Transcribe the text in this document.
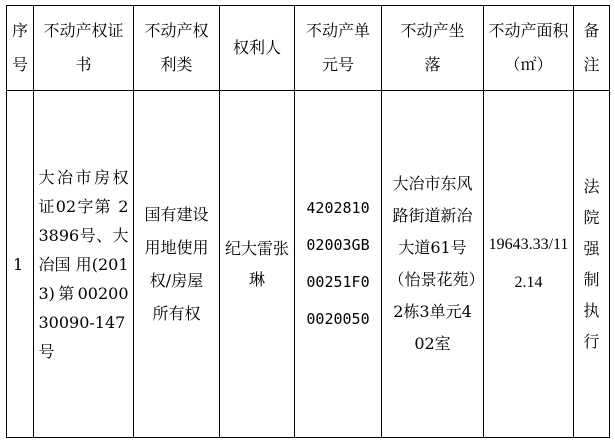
序号	不动产权证书	不动产权利类	权利人	不动产单元号	不动产坐落	不动产面积（㎡）	备注

1	大冶市房权证02字第 23896号、大冶国 用(2013)第0020030090-147号	国有建设用地使用权/房屋所有权	纪大雷张 琳	420281002003GB00251F00020050	大冶市东风路街道新冶大道61号（怡景花苑）2栋3单元402室	19643.33/112.14	法院强制执行
